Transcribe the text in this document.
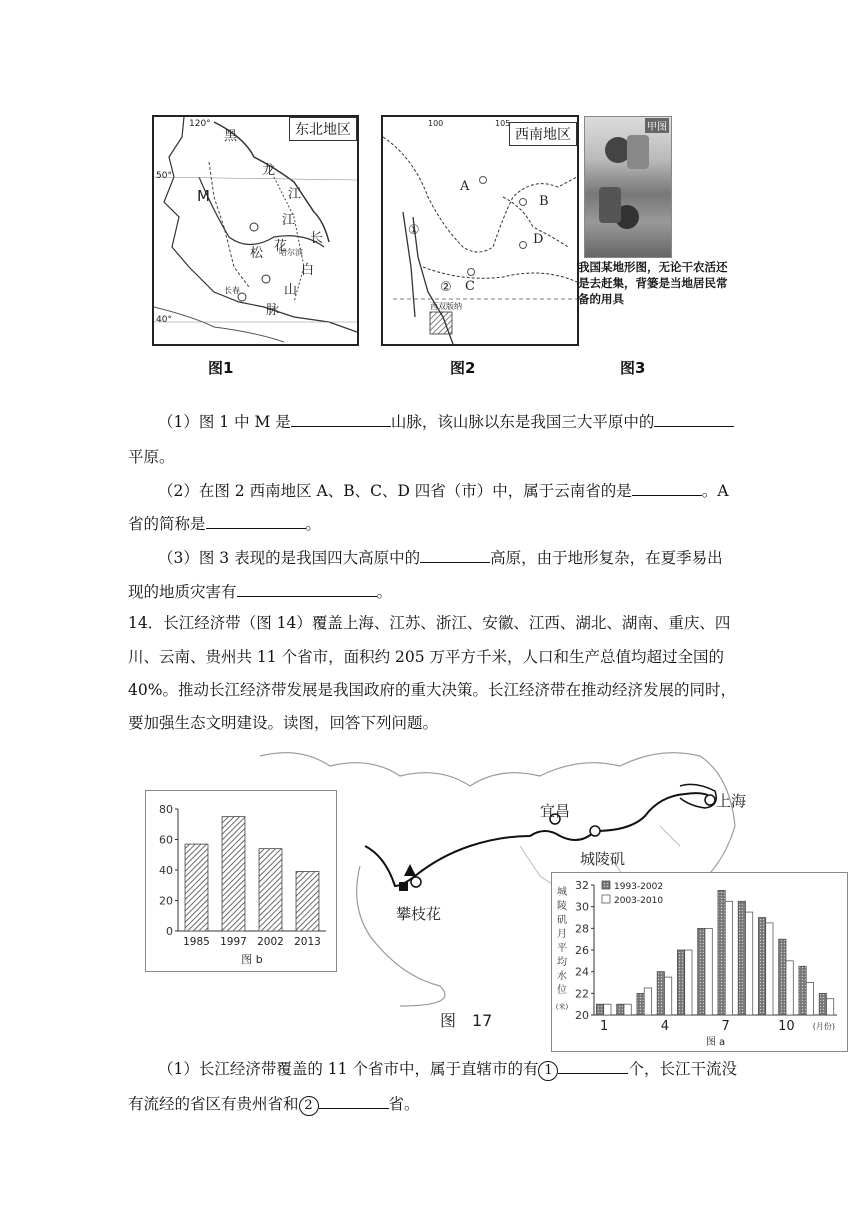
东北地区
120°
50°
40°
M
黑
龙
江
江
花
松
长
白
山
脉
长春
哈尔滨
图1
西南地区
100	105
A
B
C
D
①
②
西双版纳
图2
甲图
我国某地形图，无论干农活还是去赶集，背篓是当地居民常备的用具
图3
（1）图 1 中 M 是	山脉，该山脉以东是我国三大平原中的
平原。
（2）在图 2 西南地区 A、B、C、D 四省（市）中，属于云南省的是	。A
省的简称是	。
（3）图 3 表现的是我国四大高原中的	高原，由于地形复杂，在夏季易出
现的地质灾害有	。
14．长江经济带（图 14）覆盖上海、江苏、浙江、安徽、江西、湖北、湖南、重庆、四
川、云南、贵州共 11 个省市，面积约 205 万平方千米，人口和生产总值均超过全国的
40%。推动长江经济带发展是我国政府的重大决策。长江经济带在推动经济发展的同时，
要加强生态文明建设。读图，回答下列问题。
上海
宜昌
城陵矶
攀枝花
图　17
0
20
40
60
80
1985 1997 2002 2013
图 b
20
22
24
26
28
30
32
城
陵
矶
月
平
均
水
位
(米)
1	4	7	10 (月份)
图 a
1993-2002
2003-2010
（1）长江经济带覆盖的 11 个省市中，属于直辖市的有 1	个，长江干流没
有流经的省区有贵州省和 2	省。
